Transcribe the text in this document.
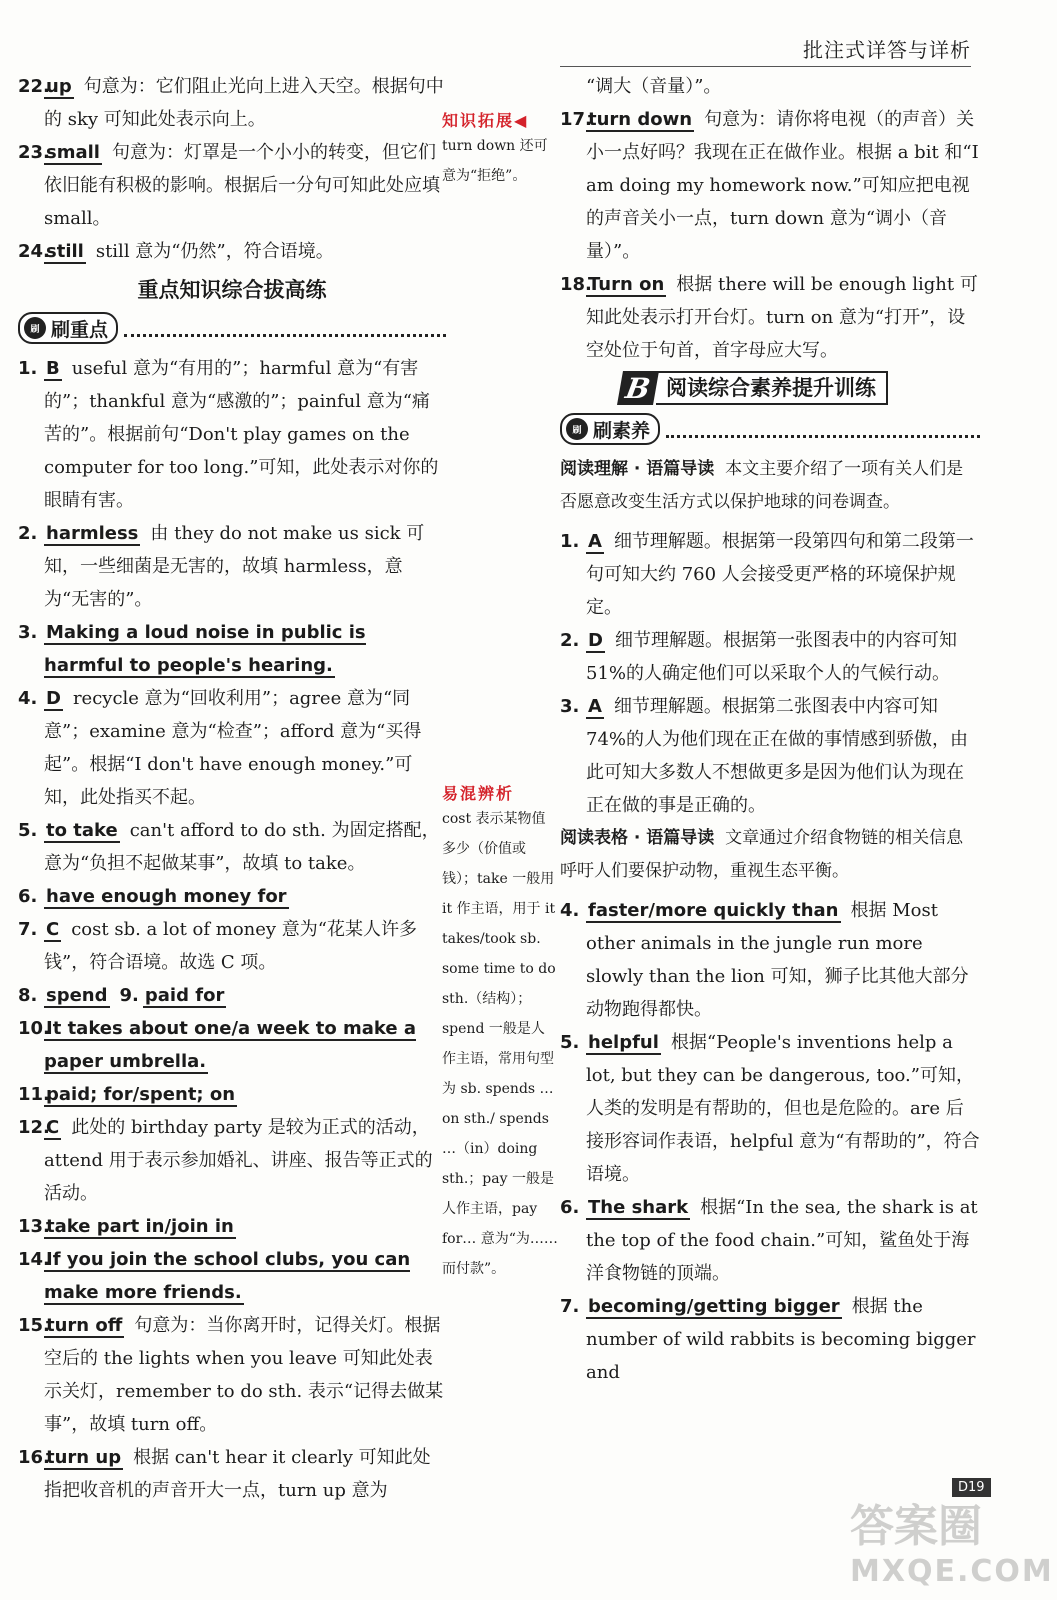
批注式详答与详析

22.
up 句意为：它们阻止光向上进入天空。根据句中的 sky 可知此处表示向上。

23.
small 句意为：灯罩是一个小小的转变，但它们依旧能有积极的影响。根据后一分句可知此处应填 small。

24.
still still 意为“仍然”，符合语境。

重点知识综合拔高练
刷 刷重点

1. B useful 意为“有用的”；harmful 意为“有害的”；thankful 意为“感激的”；painful 意为“痛苦的”。根据前句“Don't play games on the computer for too long.”可知，此处表示对你的眼睛有害。

2. harmless 由 they do not make us sick 可知，一些细菌是无害的，故填 harmless，意为“无害的”。

3. Making a loud noise in public is harmful to people's hearing.

4. D recycle 意为“回收利用”；agree 意为“同意”；examine 意为“检查”；afford 意为“买得起”。根据“I don't have enough money.”可知，此处指买不起。

5. to take can't afford to do sth. 为固定搭配，意为“负担不起做某事”，故填 to take。

6. have enough money for

7. C cost sb. a lot of money 意为“花某人许多钱”，符合语境。故选 C 项。

8. spend 9. paid for

10.
It takes about one/a week to make a paper umbrella.

11.
paid; for/spent; on

12.
C 此处的 birthday party 是较为正式的活动，attend 用于表示参加婚礼、讲座、报告等正式的活动。

13.
take part in/join in

14.
If you join the school clubs, you can make more friends.

15.
turn off 句意为：当你离开时，记得关灯。根据空后的 the lights when you leave 可知此处表示关灯，remember to do sth. 表示“记得去做某事”，故填 turn off。

16.
turn up 根据 can't hear it clearly 可知此处指把收音机的声音开大一点，turn up 意为

知识拓展◀

turn down 还可意为“拒绝”。

易混辨析

cost 表示某物值多少（价值或钱）；take 一般用 it 作主语，用于 it takes/took sb. some time to do sth.（结构）；spend 一般是人作主语，常用句型为 sb. spends … on sth./ spends …（in）doing sth.；pay 一般是人作主语，pay for… 意为“为……而付款”。

“调大（音量）”。

17.
turn down 句意为：请你将电视（的声音）关小一点好吗？我现在正在做作业。根据 a bit 和“I am doing my homework now.”可知应把电视的声音关小一点，turn down 意为“调小（音量）”。

18.
Turn on 根据 there will be enough light 可知此处表示打开台灯。turn on 意为“打开”，设空处位于句首，首字母应大写。

B 阅读综合素养提升训练
刷 刷素养

阅读理解 · 语篇导读 本文主要介绍了一项有关人们是否愿意改变生活方式以保护地球的问卷调查。

1. A 细节理解题。根据第一段第四句和第二段第一句可知大约 760 人会接受更严格的环境保护规定。

2. D 细节理解题。根据第一张图表中的内容可知 51%的人确定他们可以采取个人的气候行动。

3. A 细节理解题。根据第二张图表中内容可知 74%的人为他们现在正在做的事情感到骄傲，由此可知大多数人不想做更多是因为他们认为现在正在做的事是正确的。

阅读表格 · 语篇导读 文章通过介绍食物链的相关信息呼吁人们要保护动物，重视生态平衡。

4. faster/more quickly than 根据 Most other animals in the jungle run more slowly than the lion 可知，狮子比其他大部分动物跑得都快。

5. helpful 根据“People's inventions help a lot, but they can be dangerous, too.”可知，人类的发明是有帮助的，但也是危险的。are 后接形容词作表语，helpful 意为“有帮助的”，符合语境。

6. The shark 根据“In the sea, the shark is at the top of the food chain.”可知，鲨鱼处于海洋食物链的顶端。

7. becoming/getting bigger 根据 the number of wild rabbits is becoming bigger and

D19
答案圈
MXQE.COM
